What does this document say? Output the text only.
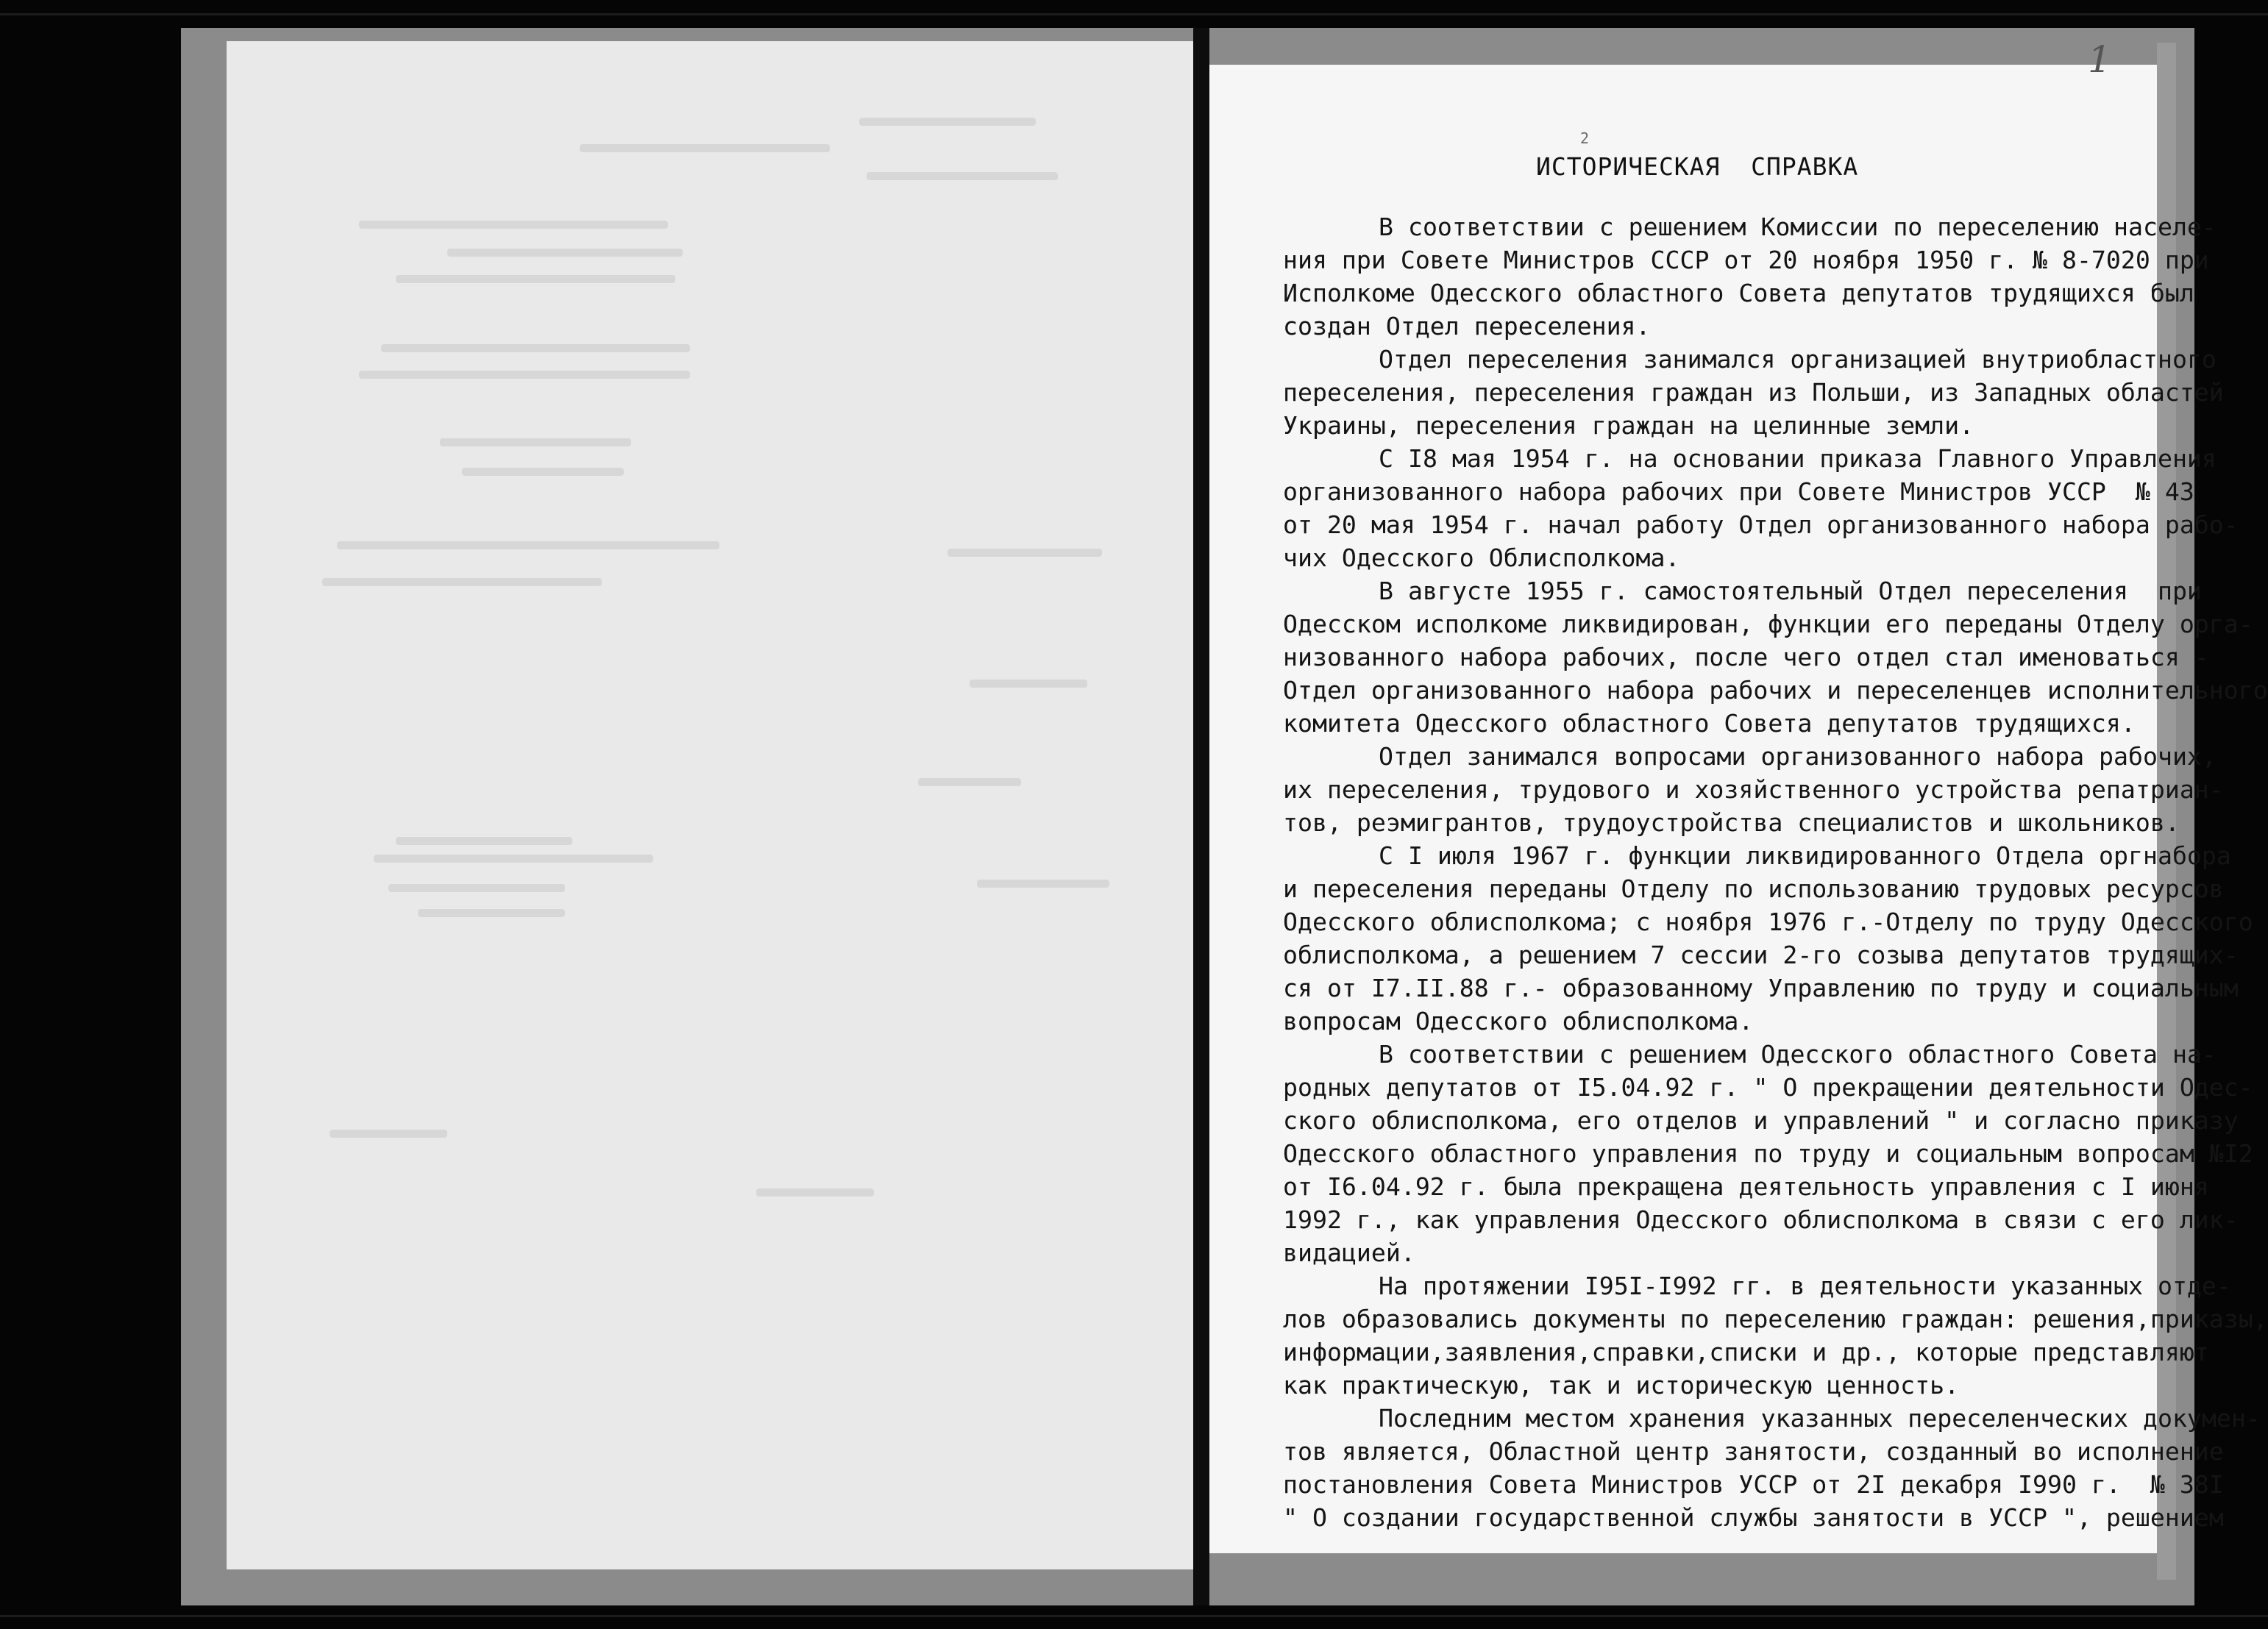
1
2
ИСТОРИЧЕСКАЯ  СПРАВКА
В соответствии с решением Комиссии по переселению населе-
ния при Совете Министров СССР от 20 ноября 1950 г. № 8-7020 при
Исполкоме Одесского областного Совета депутатов трудящихся был
создан Отдел переселения.
Отдел переселения занимался организацией внутриобластного
переселения, переселения граждан из Польши, из Западных областей
Украины, переселения граждан на целинные земли.
С I8 мая 1954 г. на основании приказа Главного Управления
организованного набора рабочих при Совете Министров УССР  № 43
от 20 мая 1954 г. начал работу Отдел организованного набора рабо-
чих Одесского Облисполкома.
В августе 1955 г. самостоятельный Отдел переселения  при
Одесском исполкоме ликвидирован, функции его переданы Отделу орга-
низованного набора рабочих, после чего отдел стал именоваться -
Отдел организованного набора рабочих и переселенцев исполнительного
комитета Одесского областного Совета депутатов трудящихся.
Отдел занимался вопросами организованного набора рабочих,
их переселения, трудового и хозяйственного устройства репатриан-
тов, реэмигрантов, трудоустройства специалистов и школьников.
С I июля 1967 г. функции ликвидированного Отдела оргнабора
и переселения переданы Отделу по использованию трудовых ресурсов
Одесского облисполкома; с ноября 1976 г.-Отделу по труду Одесского
облисполкома, а решением 7 сессии 2-го созыва депутатов трудящих-
ся от I7.II.88 г.- образованному Управлению по труду и социальным
вопросам Одесского облисполкома.
В соответствии с решением Одесского областного Совета на-
родных депутатов от I5.04.92 г. " О прекращении деятельности Одес-
ского облисполкома, его отделов и управлений " и согласно приказу
Одесского областного управления по труду и социальным вопросам №I2
от I6.04.92 г. была прекращена деятельность управления с I июня
1992 г., как управления Одесского облисполкома в связи с его лик-
видацией.
На протяжении I95I-I992 гг. в деятельности указанных отде-
лов образовались документы по переселению граждан: решения,приказы,
информации,заявления,справки,списки и др., которые представляют
как практическую, так и историческую ценность.
Последним местом хранения указанных переселенческих докумен-
тов является, Областной центр занятости, созданный во исполнение
постановления Совета Министров УССР от 2I декабря I990 г.  № 38I
" О создании государственной службы занятости в УССР ", решением
